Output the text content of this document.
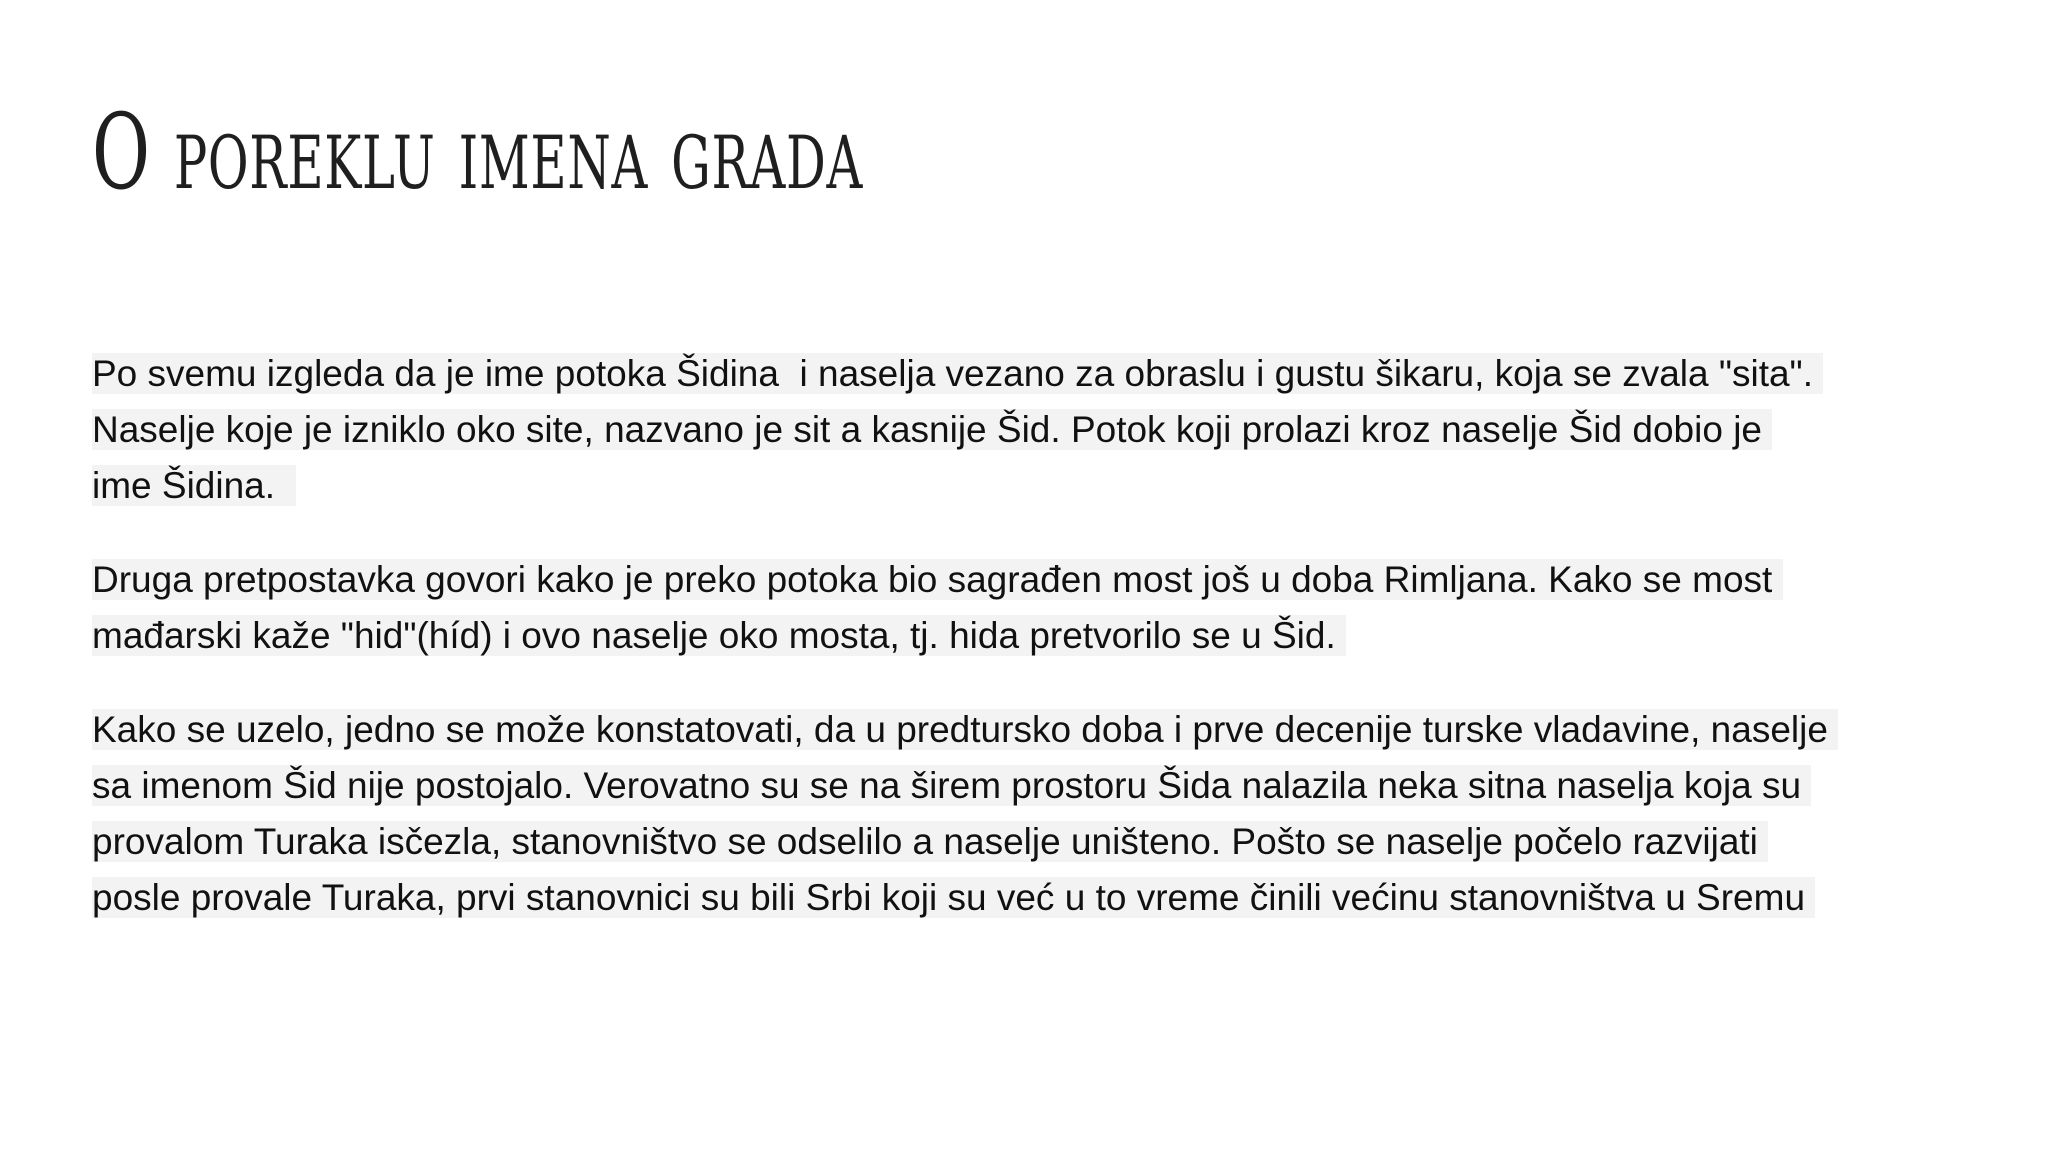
O poreklu imena grada

Po svemu izgleda da je ime potoka Šidina  i naselja vezano za obraslu i gustu šikaru, koja se zvala "sita".
Naselje koje je izniklo oko site, nazvano je sit a kasnije Šid. Potok koji prolazi kroz naselje Šid dobio je
ime Šidina.

Druga pretpostavka govori kako je preko potoka bio sagrađen most još u doba Rimljana. Kako se most
mađarski kaže "hid"(híd) i ovo naselje oko mosta, tj. hida pretvorilo se u Šid.

Kako se uzelo, jedno se može konstatovati, da u predtursko doba i prve decenije turske vladavine, naselje
sa imenom Šid nije postojalo. Verovatno su se na širem prostoru Šida nalazila neka sitna naselja koja su
provalom Turaka isčezla, stanovništvo se odselilo a naselje uništeno. Pošto se naselje počelo razvijati
posle provale Turaka, prvi stanovnici su bili Srbi koji su već u to vreme činili većinu stanovništva u Sremu
